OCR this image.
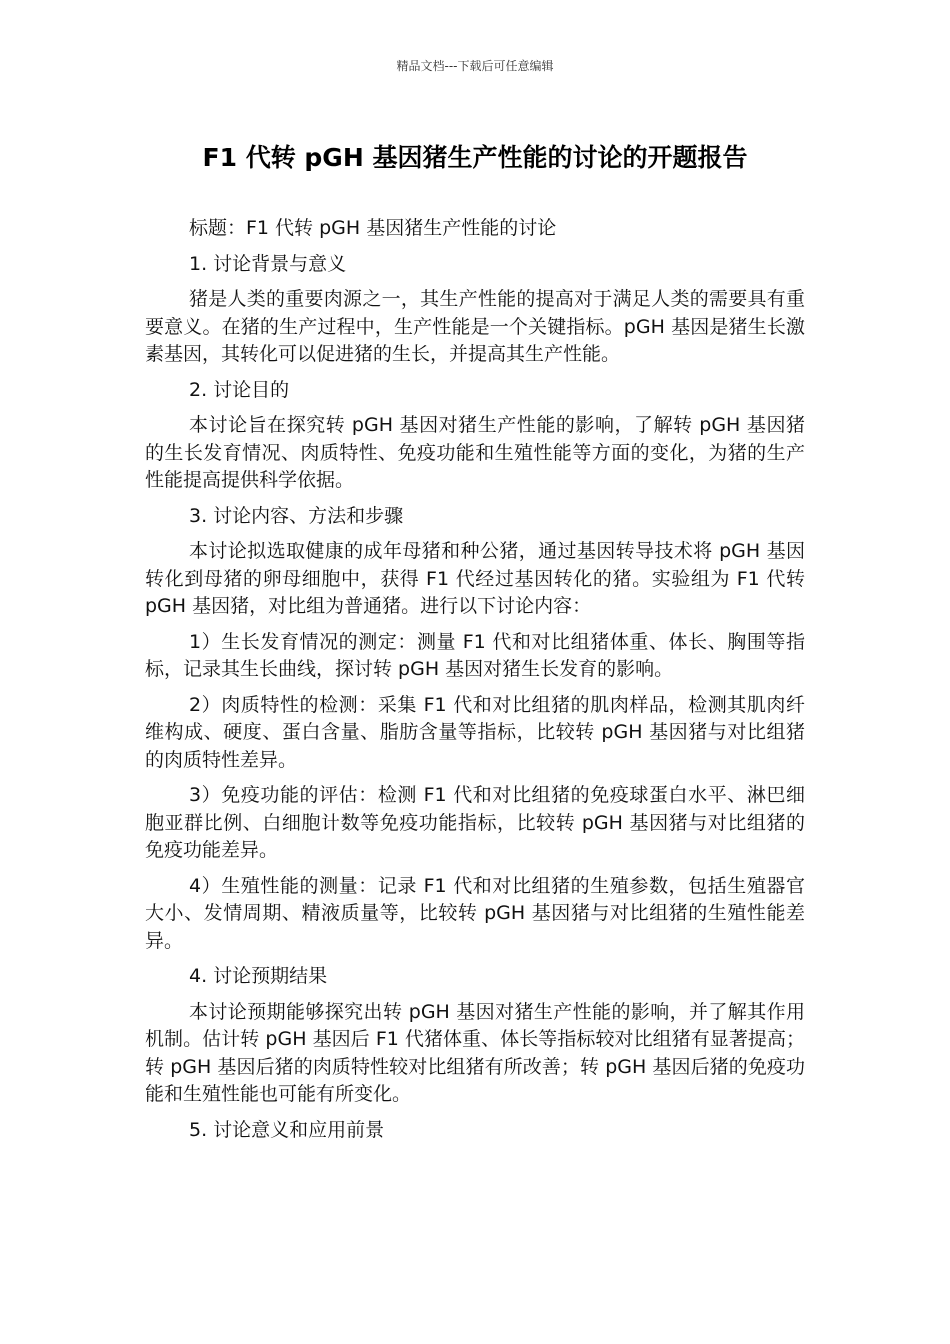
精品文档---下载后可任意编辑
F1 代转 pGH 基因猪生产性能的讨论的开题报告

标题：F1 代转 pGH 基因猪生产性能的讨论

1. 讨论背景与意义

猪是人类的重要肉源之一，其生产性能的提高对于满足人类的需要具有重要意义。在猪的生产过程中，生产性能是一个关键指标。pGH 基因是猪生长激素基因，其转化可以促进猪的生长，并提高其生产性能。

2. 讨论目的

本讨论旨在探究转 pGH 基因对猪生产性能的影响，了解转 pGH 基因猪的生长发育情况、肉质特性、免疫功能和生殖性能等方面的变化，为猪的生产性能提高提供科学依据。

3. 讨论内容、方法和步骤

本讨论拟选取健康的成年母猪和种公猪，通过基因转导技术将 pGH 基因转化到母猪的卵母细胞中，获得 F1 代经过基因转化的猪。实验组为 F1 代转 pGH 基因猪，对比组为普通猪。进行以下讨论内容：

1）生长发育情况的测定：测量 F1 代和对比组猪体重、体长、胸围等指标，记录其生长曲线，探讨转 pGH 基因对猪生长发育的影响。

2）肉质特性的检测：采集 F1 代和对比组猪的肌肉样品，检测其肌肉纤维构成、硬度、蛋白含量、脂肪含量等指标，比较转 pGH 基因猪与对比组猪的肉质特性差异。

3）免疫功能的评估：检测 F1 代和对比组猪的免疫球蛋白水平、淋巴细胞亚群比例、白细胞计数等免疫功能指标，比较转 pGH 基因猪与对比组猪的免疫功能差异。

4）生殖性能的测量：记录 F1 代和对比组猪的生殖参数，包括生殖器官大小、发情周期、精液质量等，比较转 pGH 基因猪与对比组猪的生殖性能差异。

4. 讨论预期结果

本讨论预期能够探究出转 pGH 基因对猪生产性能的影响，并了解其作用机制。估计转 pGH 基因后 F1 代猪体重、体长等指标较对比组猪有显著提高；转 pGH 基因后猪的肉质特性较对比组猪有所改善；转 pGH 基因后猪的免疫功能和生殖性能也可能有所变化。

5. 讨论意义和应用前景
